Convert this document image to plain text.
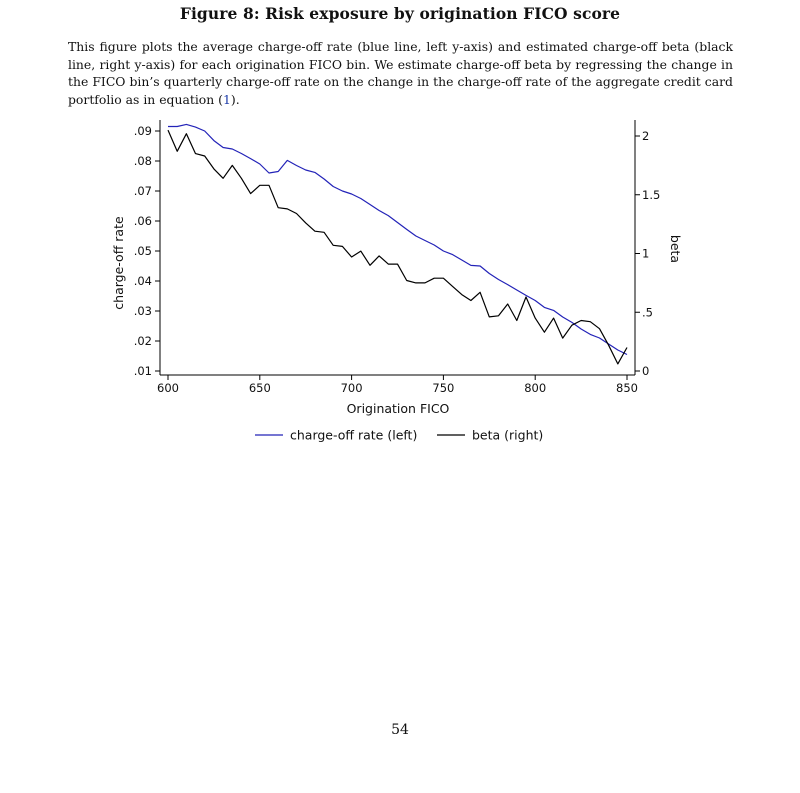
Figure 8: Risk exposure by origination FICO score
This figure plots the average charge-off rate (blue line, left y-axis) and estimated charge-off beta (black line, right y-axis) for each origination FICO bin. We estimate charge-off beta by regressing the change in the FICO bin’s quarterly charge-off rate on the change in the charge-off rate of the aggregate credit card portfolio as in equation (1).
600	650	700	750	800	850
.01
.02
.03
.04
.05
.06
.07
.08
.09
0
.5
1
1.5
2
Origination FICO
charge-off rate	beta
charge-off rate (left)	beta (right)
54
